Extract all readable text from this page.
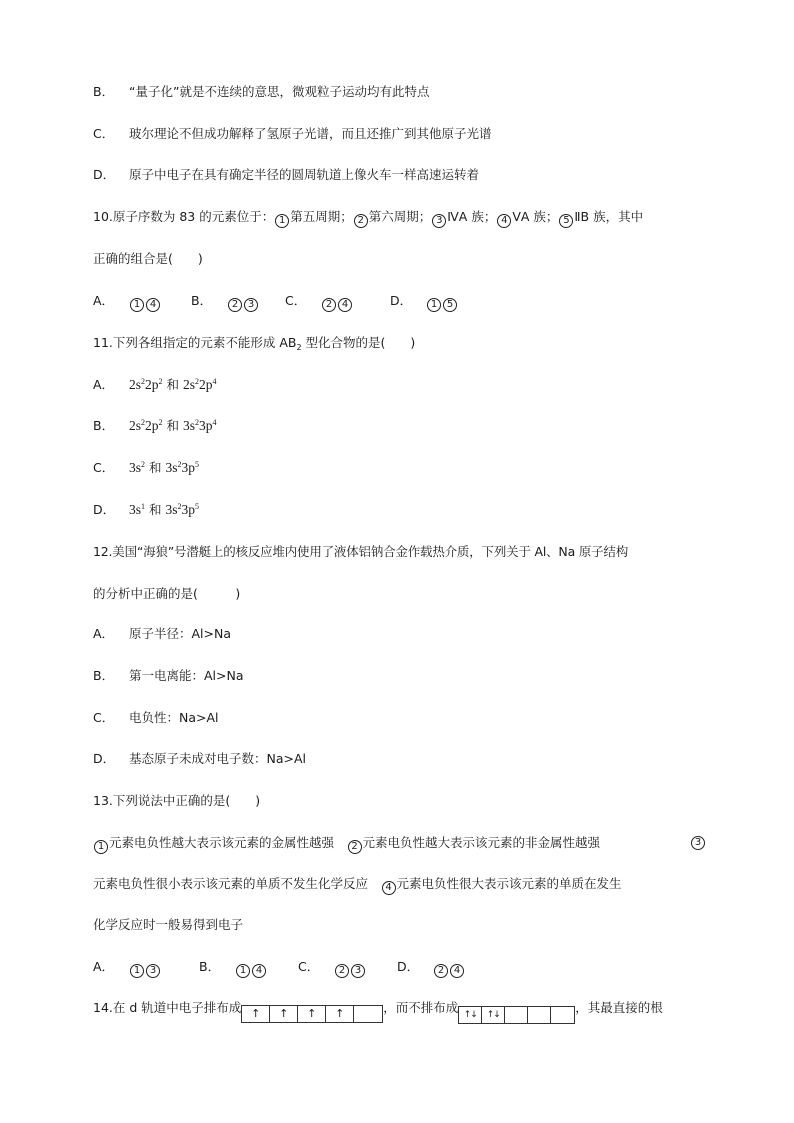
B． “量子化”就是不连续的意思，微观粒子运动均有此特点
C． 玻尔理论不但成功解释了氢原子光谱，而且还推广到其他原子光谱
D． 原子中电子在具有确定半径的圆周轨道上像火车一样高速运转着
10.原子序数为 83 的元素位于： 1 第五周期； 2 第六周期； 3 ⅣA 族； 4 ⅤA 族； 5 ⅡB 族，其中
正确的组合是(　　)
A． 1 4	B． 2 3	C． 2 4	D． 1 5
11.下列各组指定的元素不能形成 $AB_2$ 型化合物的是(　　)
A． $2s^22p^2$ 和 $2s^22p^4$
B． $2s^22p^2$ 和 $3s^23p^4$
C． $3s^2$ 和 $3s^23p^5$
D． $3s^1$ 和 $3s^23p^5$
12.美国“海狼”号潜艇上的核反应堆内使用了液体铝钠合金作载热介质，下列关于 Al、Na 原子结构
的分析中正确的是(　　　)
A． 原子半径：Al>Na
B． 第一电离能：Al>Na
C． 电负性：Na>Al
D． 基态原子未成对电子数：Na>Al
13.下列说法中正确的是(　　)
1 元素电负性越大表示该元素的金属性越强　2 元素电负性越大表示该元素的非金属性越强　	3
元素电负性很小表示该元素的单质不发生化学反应　4 元素电负性很大表示该元素的单质在发生
化学反应时一般易得到电子
A． 1 3	B． 1 4	C． 2 3	D． 2 4
14.在 d 轨道中电子排布成 ↑	↑	↑	↑	，而不排布成 ↑↓	↑↓	，其最直接的根
